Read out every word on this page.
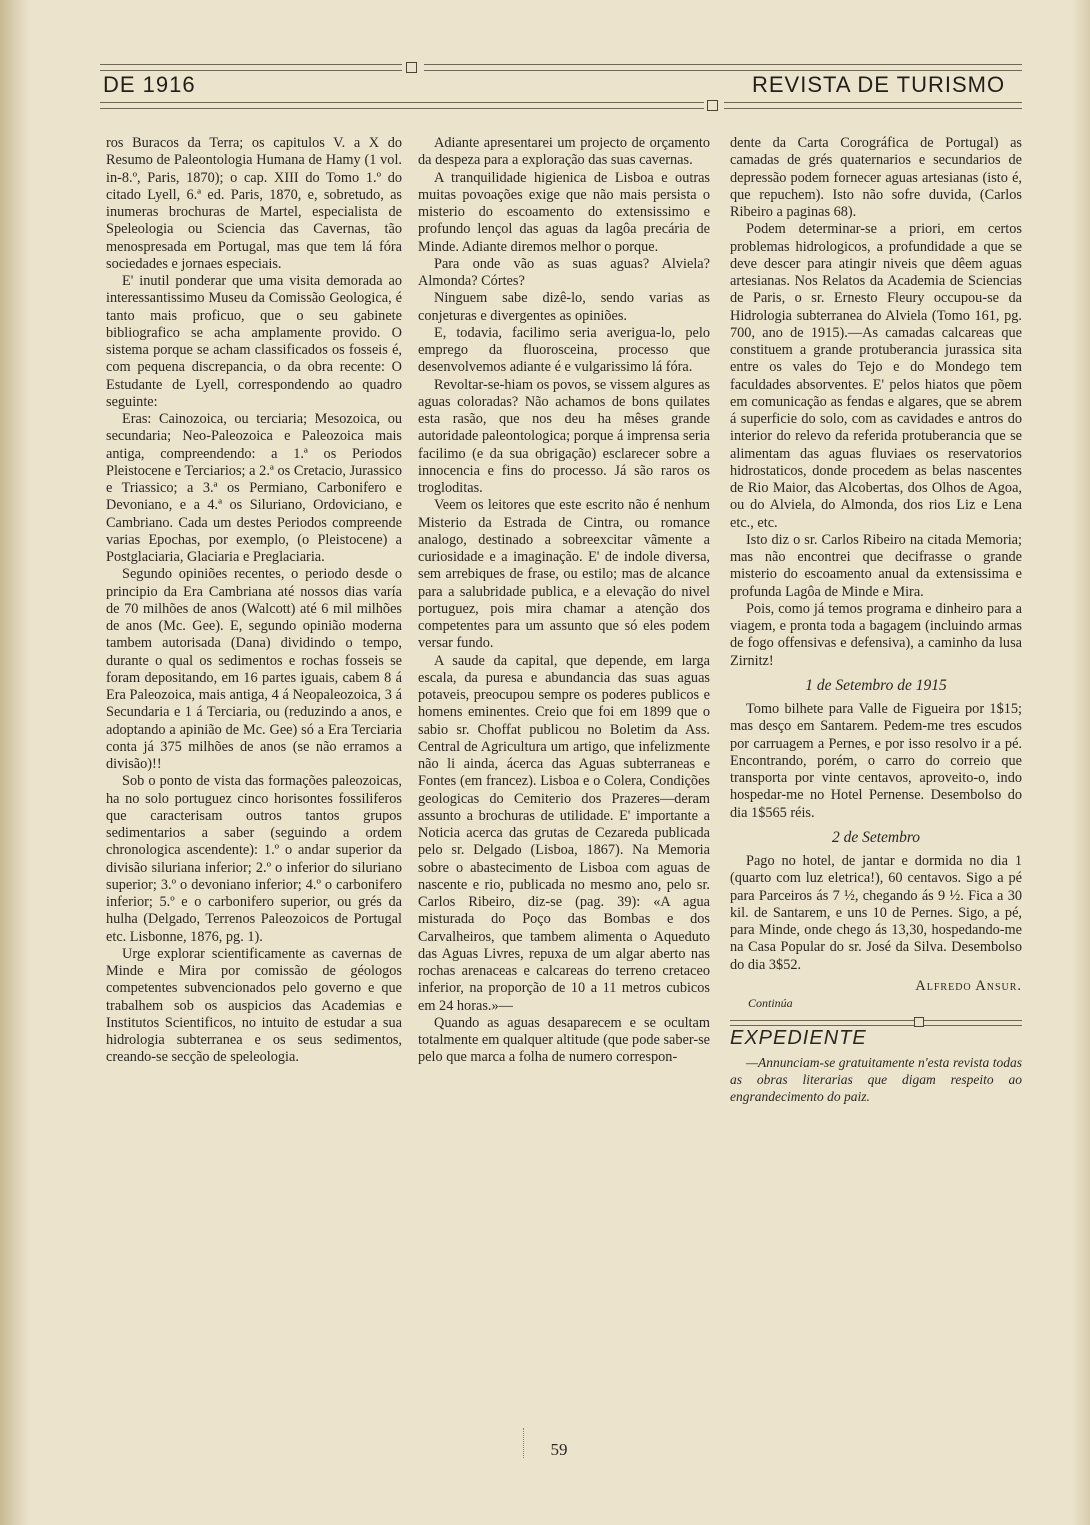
DE 1916	REVISTA DE TURISMO

ros Buracos da Terra; os capitulos V. a X do Resumo de Paleontologia Humana de Hamy (1 vol. in-8.º, Paris, 1870); o cap. XIII do Tomo 1.º do citado Lyell, 6.ª ed. Paris, 1870, e, sobretudo, as inumeras brochuras de Martel, especialista de Speleologia ou Sciencia das Cavernas, tão menospresada em Portugal, mas que tem lá fóra sociedades e jornaes especiais.

E' inutil ponderar que uma visita demorada ao interessantissimo Museu da Comissão Geologica, é tanto mais proficuo, que o seu gabinete bibliografico se acha amplamente provido. O sistema porque se acham classificados os fosseis é, com pequena discrepancia, o da obra recente: O Estudante de Lyell, correspondendo ao quadro seguinte:

Eras: Cainozoica, ou terciaria; Mesozoica, ou secundaria; Neo-Paleozoica e Paleozoica mais antiga, compreendendo: a 1.ª os Periodos Pleistocene e Terciarios; a 2.ª os Cretacio, Jurassico e Triassico; a 3.ª os Permiano, Carbonifero e Devoniano, e a 4.ª os Siluriano, Ordoviciano, e Cambriano. Cada um destes Periodos compreende varias Epochas, por exemplo, (o Pleistocene) a Postglaciaria, Glaciaria e Preglaciaria.

Segundo opiniões recentes, o periodo desde o principio da Era Cambriana até nossos dias varía de 70 milhões de anos (Walcott) até 6 mil milhões de anos (Mc. Gee). E, segundo opinião moderna tambem autorisada (Dana) dividindo o tempo, durante o qual os sedimentos e rochas fosseis se foram depositando, em 16 partes iguais, cabem 8 á Era Paleozoica, mais antiga, 4 á Neopaleozoica, 3 á Secundaria e 1 á Terciaria, ou (reduzindo a anos, e adoptando a apinião de Mc. Gee) só a Era Terciaria conta já 375 milhões de anos (se não erramos a divisão)!!

Sob o ponto de vista das formações paleozoicas, ha no solo portuguez cinco horisontes fossiliferos que caracterisam outros tantos grupos sedimentarios a saber (seguindo a ordem chronologica ascendente): 1.º o andar superior da divisão siluriana inferior; 2.º o inferior do siluriano superior; 3.º o devoniano inferior; 4.º o carbonifero inferior; 5.º e o carbonifero superior, ou grés da hulha (Delgado, Terrenos Paleozoicos de Portugal etc. Lisbonne, 1876, pg. 1).

Urge explorar scientificamente as cavernas de Minde e Mira por comissão de géologos competentes subvencionados pelo governo e que trabalhem sob os auspicios das Academias e Institutos Scientificos, no intuito de estudar a sua hidrologia subterranea e os seus sedimentos, creando-se secção de speleologia.

Adiante apresentarei um projecto de orçamento da despeza para a exploração das suas cavernas.

A tranquilidade higienica de Lisboa e outras muitas povoações exige que não mais persista o misterio do escoamento do extensissimo e profundo lençol das aguas da lagôa precária de Minde. Adiante diremos melhor o porque.

Para onde vão as suas aguas? Alviela? Almonda? Córtes?

Ninguem sabe dizê-lo, sendo varias as conjeturas e divergentes as opiniões.

E, todavia, facilimo seria averigua-lo, pelo emprego da fluorosceina, processo que desenvolvemos adiante é e vulgarissimo lá fóra.

Revoltar-se-hiam os povos, se vissem algures as aguas coloradas? Não achamos de bons quilates esta rasão, que nos deu ha mêses grande autoridade paleontologica; porque á imprensa seria facilimo (e da sua obrigação) esclarecer sobre a innocencia e fins do processo. Já são raros os trogloditas.

Veem os leitores que este escrito não é nenhum Misterio da Estrada de Cintra, ou romance analogo, destinado a sobreexcitar vãmente a curiosidade e a imaginação. E' de indole diversa, sem arrebiques de frase, ou estilo; mas de alcance para a salubridade publica, e a elevação do nivel portuguez, pois mira chamar a atenção dos competentes para um assunto que só eles podem versar fundo.

A saude da capital, que depende, em larga escala, da puresa e abundancia das suas aguas potaveis, preocupou sempre os poderes publicos e homens eminentes. Creio que foi em 1899 que o sabio sr. Choffat publicou no Boletim da Ass. Central de Agricultura um artigo, que infelizmente não li ainda, ácerca das Aguas subterraneas e Fontes (em francez). Lisboa e o Colera, Condições geologicas do Cemiterio dos Prazeres—deram assunto a brochuras de utilidade. E' importante a Noticia acerca das grutas de Cezareda publicada pelo sr. Delgado (Lisboa, 1867). Na Memoria sobre o abastecimento de Lisboa com aguas de nascente e rio, publicada no mesmo ano, pelo sr. Carlos Ribeiro, diz-se (pag. 39): «A agua misturada do Poço das Bombas e dos Carvalheiros, que tambem alimenta o Aqueduto das Aguas Livres, repuxa de um algar aberto nas rochas arenaceas e calcareas do terreno cretaceo inferior, na proporção de 10 a 11 metros cubicos em 24 horas.»—

Quando as aguas desaparecem e se ocultam totalmente em qualquer altitude (que pode saber-se pelo que marca a folha de numero correspon-

dente da Carta Corográfica de Portugal) as camadas de grés quaternarios e secundarios de depressão podem fornecer aguas artesianas (isto é, que repuchem). Isto não sofre duvida, (Carlos Ribeiro a paginas 68).

Podem determinar-se a priori, em certos problemas hidrologicos, a profundidade a que se deve descer para atingir niveis que dêem aguas artesianas. Nos Relatos da Academia de Sciencias de Paris, o sr. Ernesto Fleury occupou-se da Hidrologia subterranea do Alviela (Tomo 161, pg. 700, ano de 1915).—As camadas calcareas que constituem a grande protuberancia jurassica sita entre os vales do Tejo e do Mondego tem faculdades absorventes. E' pelos hiatos que põem em comunicação as fendas e algares, que se abrem á superficie do solo, com as cavidades e antros do interior do relevo da referida protuberancia que se alimentam das aguas fluviaes os reservatorios hidrostaticos, donde procedem as belas nascentes de Rio Maior, das Alcobertas, dos Olhos de Agoa, ou do Alviela, do Almonda, dos rios Liz e Lena etc., etc.

Isto diz o sr. Carlos Ribeiro na citada Memoria; mas não encontrei que decifrasse o grande misterio do escoamento anual da extensissima e profunda Lagôa de Minde e Mira.

Pois, como já temos programa e dinheiro para a viagem, e pronta toda a bagagem (incluindo armas de fogo offensivas e defensiva), a caminho da lusa Zirnitz!

1 de Setembro de 1915

Tomo bilhete para Valle de Figueira por 1$15; mas desço em Santarem. Pedem-me tres escudos por carruagem a Pernes, e por isso resolvo ir a pé. Encontrando, porém, o carro do correio que transporta por vinte centavos, aproveito-o, indo hospedar-me no Hotel Pernense. Desembolso do dia 1$565 réis.

2 de Setembro

Pago no hotel, de jantar e dormida no dia 1 (quarto com luz eletrica!), 60 centavos. Sigo a pé para Parceiros ás 7 ½, chegando ás 9 ½. Fica a 30 kil. de Santarem, e uns 10 de Pernes. Sigo, a pé, para Minde, onde chego ás 13,30, hospedando-me na Casa Popular do sr. José da Silva. Desembolso do dia 3$52.

Alfredo Ansur.

Continúa

EXPEDIENTE

—Annunciam-se gratuitamente n'esta revista todas as obras literarias que digam respeito ao engrandecimento do paiz.

59
